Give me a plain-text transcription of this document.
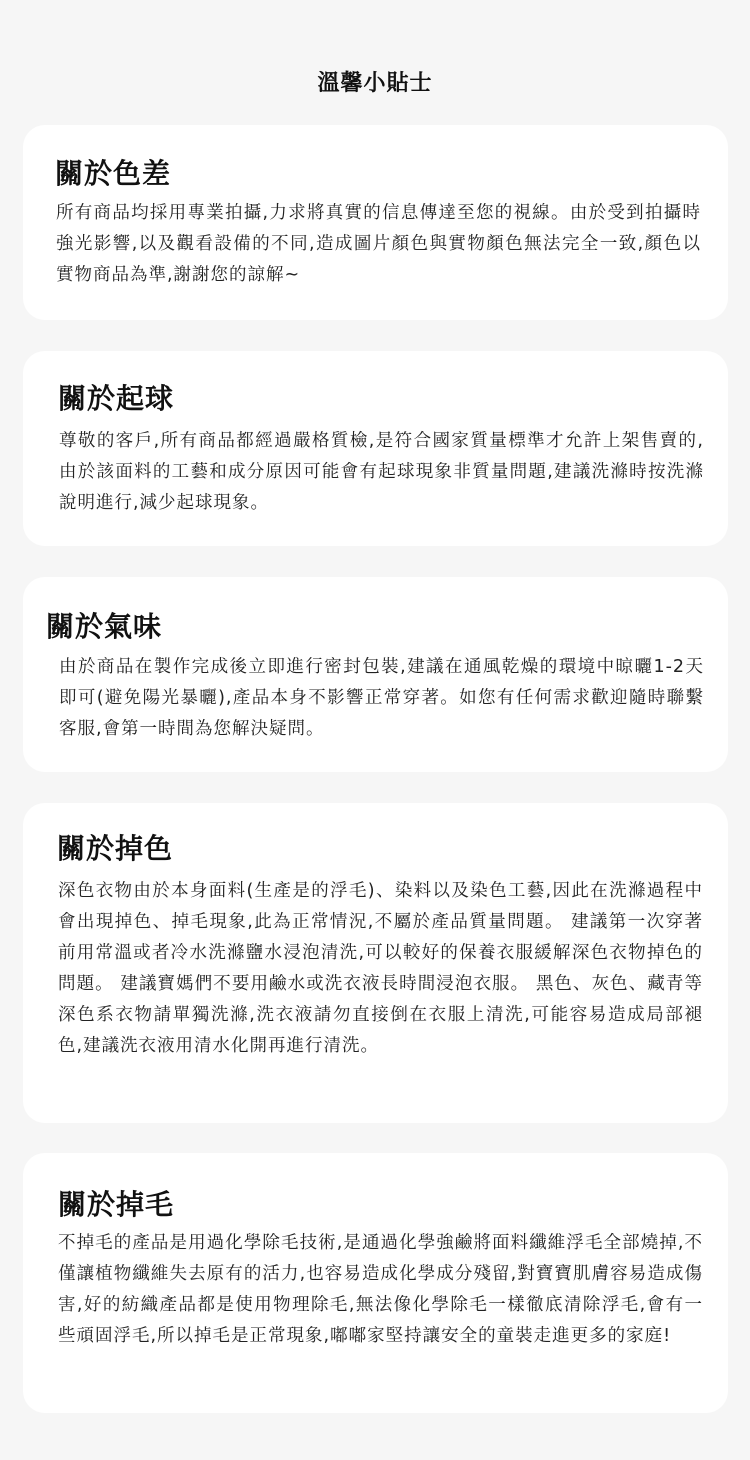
溫馨小貼士
關於色差

所有商品均採用專業拍攝,力求將真實的信息傳達至您的視線。由於受到拍攝時強光影響,以及觀看設備的不同,造成圖片顏色與實物顏色無法完全一致,顏色以實物商品為準,謝謝您的諒解~

關於起球

尊敬的客戶,所有商品都經過嚴格質檢,是符合國家質量標準才允許上架售賣的,由於該面料的工藝和成分原因可能會有起球現象非質量問題,建議洗滌時按洗滌說明進行,減少起球現象。

關於氣味

由於商品在製作完成後立即進行密封包裝,建議在通風乾燥的環境中晾曬1-2天即可(避免陽光暴曬),產品本身不影響正常穿著。如您有任何需求歡迎隨時聯繫客服,會第一時間為您解決疑問。

關於掉色

深色衣物由於本身面料(生產是的浮毛)、染料以及染色工藝,因此在洗滌過程中會出現掉色、掉毛現象,此為正常情況,不屬於產品質量問題。 建議第一次穿著前用常溫或者冷水洗滌鹽水浸泡清洗,可以較好的保養衣服緩解深色衣物掉色的問題。 建議寶媽們不要用鹼水或洗衣液長時間浸泡衣服。 黑色、灰色、藏青等深色系衣物請單獨洗滌,洗衣液請勿直接倒在衣服上清洗,可能容易造成局部褪色,建議洗衣液用清水化開再進行清洗。

關於掉毛

不掉毛的產品是用過化學除毛技術,是通過化學強鹼將面料纖維浮毛全部燒掉,不僅讓植物纖維失去原有的活力,也容易造成化學成分殘留,對寶寶肌膚容易造成傷害,好的紡織產品都是使用物理除毛,無法像化學除毛一樣徹底清除浮毛,會有一些頑固浮毛,所以掉毛是正常現象,嘟嘟家堅持讓安全的童裝走進更多的家庭!
